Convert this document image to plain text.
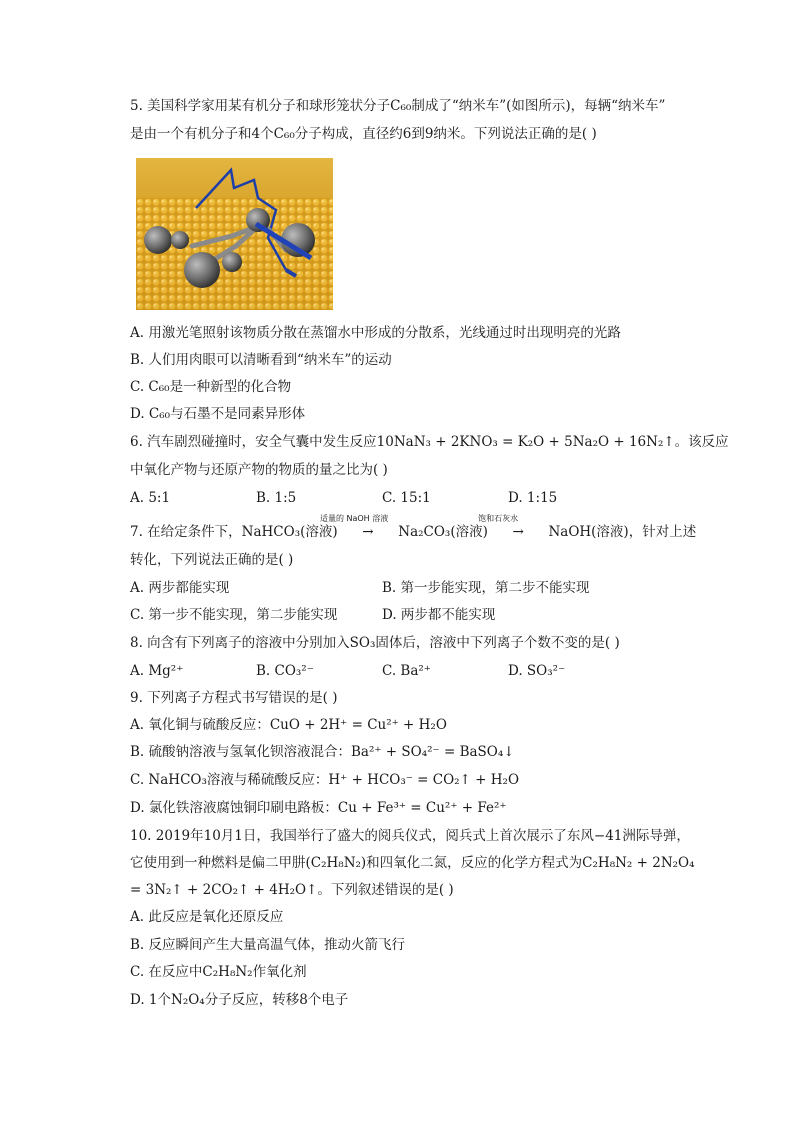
5. 美国科学家用某有机分子和球形笼状分子C₆₀制成了“纳米车”(如图所示)，每辆“纳米车”
是由一个有机分子和4个C₆₀分子构成，直径约6到9纳米。下列说法正确的是( )
A. 用激光笔照射该物质分散在蒸馏水中形成的分散系，光线通过时出现明亮的光路
B. 人们用肉眼可以清晰看到“纳米车”的运动
C. C₆₀是一种新型的化合物
D. C₆₀与石墨不是同素异形体
6. 汽车剧烈碰撞时，安全气囊中发生反应10NaN₃ + 2KNO₃ = K₂O + 5Na₂O + 16N₂↑。该反应
中氧化产物与还原产物的物质的量之比为( )
A. 5:1	B. 1:5	C. 15:1	D. 1:15
7. 在给定条件下，NaHCO₃(溶液)
适量的 NaOH 溶液
→ Na₂CO₃(溶液)
饱和石灰水
→ NaOH(溶液)，针对上述
转化，下列说法正确的是( )
A. 两步都能实现	B. 第一步能实现，第二步不能实现
C. 第一步不能实现，第二步能实现	D. 两步都不能实现
8. 向含有下列离子的溶液中分别加入SO₃固体后，溶液中下列离子个数不变的是( )
A. Mg²⁺	B. CO₃²⁻	C. Ba²⁺	D. SO₃²⁻
9. 下列离子方程式书写错误的是( )
A. 氧化铜与硫酸反应：CuO + 2H⁺ = Cu²⁺ + H₂O
B. 硫酸钠溶液与氢氧化钡溶液混合：Ba²⁺ + SO₄²⁻ = BaSO₄↓
C. NaHCO₃溶液与稀硫酸反应：H⁺ + HCO₃⁻ = CO₂↑ + H₂O
D. 氯化铁溶液腐蚀铜印刷电路板：Cu + Fe³⁺ = Cu²⁺ + Fe²⁺
10. 2019年10月1日，我国举行了盛大的阅兵仪式，阅兵式上首次展示了东风−41洲际导弹，
它使用到一种燃料是偏二甲肼(C₂H₈N₂)和四氧化二氮，反应的化学方程式为C₂H₈N₂ + 2N₂O₄
= 3N₂↑ + 2CO₂↑ + 4H₂O↑。下列叙述错误的是( )
A. 此反应是氧化还原反应
B. 反应瞬间产生大量高温气体，推动火箭飞行
C. 在反应中C₂H₈N₂作氧化剂
D. 1个N₂O₄分子反应，转移8个电子
